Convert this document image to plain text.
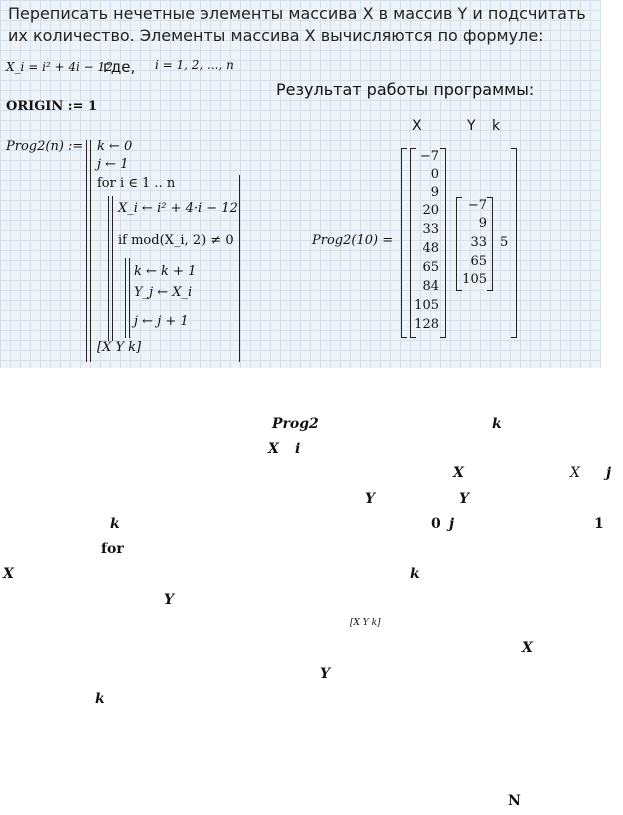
Переписать нечетные элементы массива X в массив Y и подсчитать
их количество. Элементы массива X вычисляются по формуле:
X_i = i² + 4i − 12
где, i = 1, 2, ..., n
Результат работы программы:
ORIGIN := 1
Prog2(n) := k ← 0
j ← 1
for i ∈ 1 .. n
X_i ← i² + 4·i − 12
if mod(X_i, 2) ≠ 0
k ← k + 1
Y_j ← X_i
j ← j + 1
[X Y k]
X	Y k
Prog2(10) =
−7
0
9
20
33
48
65
84
105
128
−7
9
33
65
105
5
Prog2	k
X i
X	X j
Y	Y
k	0 j	1
for
X	k
Y
[X Y k]
X
Y
k
N
